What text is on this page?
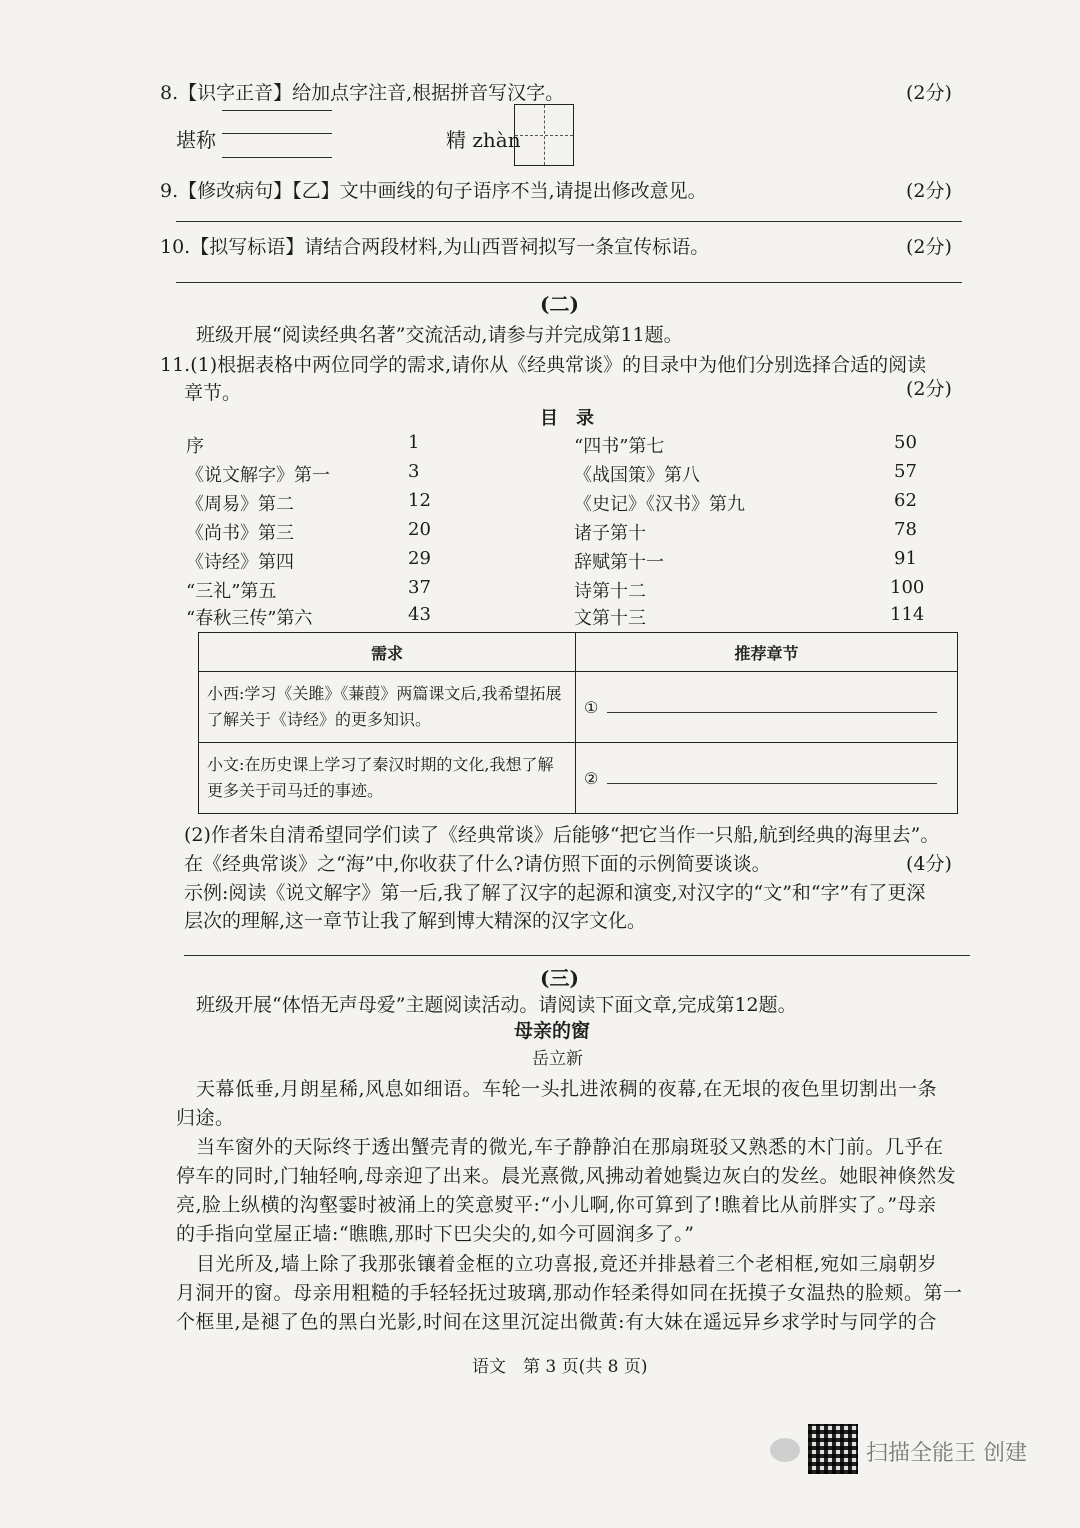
8.【识字正音】给加点字注音,根据拼音写汉字。	(2分)
堪称	精 zhàn
9.【修改病句】【乙】文中画线的句子语序不当,请提出修改意见。	(2分)
10.【拟写标语】请结合两段材料,为山西晋祠拟写一条宣传标语。	(2分)
(二)
班级开展“阅读经典名著”交流活动,请参与并完成第11题。
11.(1)根据表格中两位同学的需求,请你从《经典常谈》的目录中为他们分别选择合适的阅读
章节。	(2分)
目　录
序	1
《说文解字》第一	3
《周易》第二	12
《尚书》第三	20
《诗经》第四	29
“三礼”第五	37
“春秋三传”第六	43
“四书”第七	50
《战国策》第八	57
《史记》《汉书》第九	62
诸子第十	78
辞赋第十一	91
诗第十二	100
文第十三	114
需求	推荐章节
小西:学习《关雎》《蒹葭》两篇课文后,我希望拓展了解关于《诗经》的更多知识。	①
小文:在历史课上学习了秦汉时期的文化,我想了解更多关于司马迁的事迹。	②
(2)作者朱自清希望同学们读了《经典常谈》后能够“把它当作一只船,航到经典的海里去”。
在《经典常谈》之“海”中,你收获了什么?请仿照下面的示例简要谈谈。	(4分)
示例:阅读《说文解字》第一后,我了解了汉字的起源和演变,对汉字的“文”和“字”有了更深
层次的理解,这一章节让我了解到博大精深的汉字文化。
(三)
班级开展“体悟无声母爱”主题阅读活动。请阅读下面文章,完成第12题。
母亲的窗
岳立新
天幕低垂,月朗星稀,风息如细语。车轮一头扎进浓稠的夜幕,在无垠的夜色里切割出一条
归途。
当车窗外的天际终于透出蟹壳青的微光,车子静静泊在那扇斑驳又熟悉的木门前。几乎在
停车的同时,门轴轻响,母亲迎了出来。晨光熹微,风拂动着她鬓边灰白的发丝。她眼神倏然发
亮,脸上纵横的沟壑霎时被涌上的笑意熨平:“小儿啊,你可算到了!瞧着比从前胖实了。”母亲
的手指向堂屋正墙:“瞧瞧,那时下巴尖尖的,如今可圆润多了。”
目光所及,墙上除了我那张镶着金框的立功喜报,竟还并排悬着三个老相框,宛如三扇朝岁
月洞开的窗。母亲用粗糙的手轻轻抚过玻璃,那动作轻柔得如同在抚摸子女温热的脸颊。第一
个框里,是褪了色的黑白光影,时间在这里沉淀出微黄:有大妹在遥远异乡求学时与同学的合
语文　第 3 页(共 8 页)
扫描全能王 创建
